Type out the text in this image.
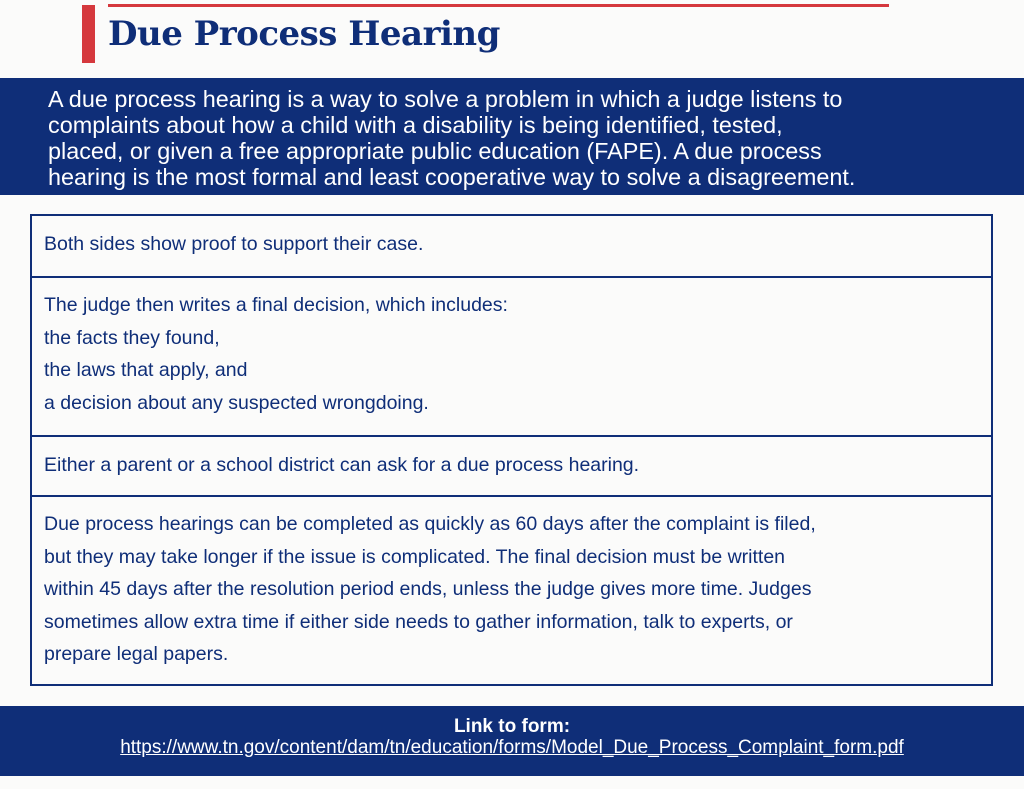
Due Process Hearing

A due process hearing is a way to solve a problem in which a judge listens to
complaints about how a child with a disability is being identified, tested,
placed, or given a free appropriate public education (FAPE). A due process
hearing is the most formal and least cooperative way to solve a disagreement.

Both sides show proof to support their case.
The judge then writes a final decision, which includes:
the facts they found,
the laws that apply, and
a decision about any suspected wrongdoing.
Either a parent or a school district can ask for a due process hearing.
Due process hearings can be completed as quickly as 60 days after the complaint is filed,
but they may take longer if the issue is complicated. The final decision must be written
within 45 days after the resolution period ends, unless the judge gives more time. Judges
sometimes allow extra time if either side needs to gather information, talk to experts, or
prepare legal papers.
Link to form:
https://www.tn.gov/content/dam/tn/education/forms/Model_Due_Process_Complaint_form.pdf
